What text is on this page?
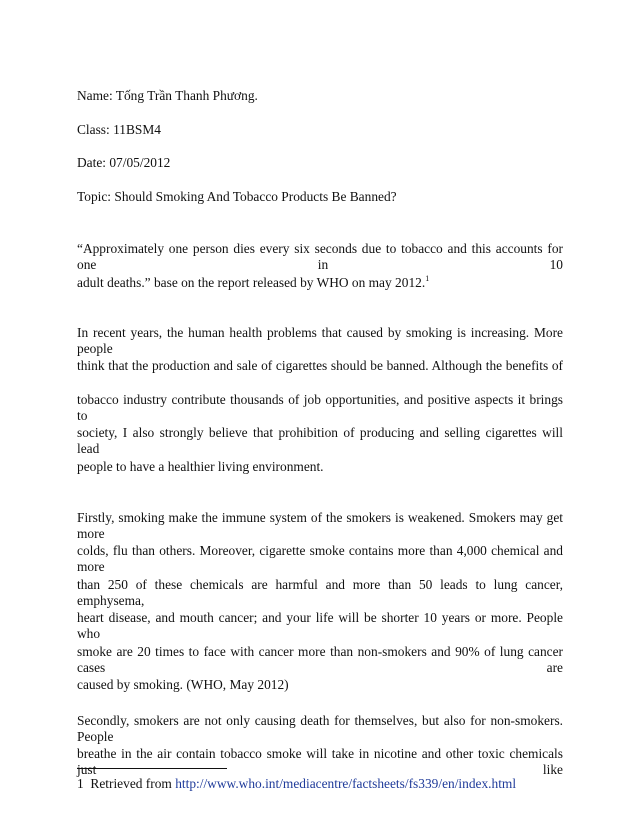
Name: Tống Trần Thanh Phương.
Class: 11BSM4
Date: 07/05/2012
Topic: Should Smoking And Tobacco Products Be Banned?
“Approximately one person dies every six seconds due to tobacco and this accounts for one in 10
adult deaths.” base on the report released by WHO on may 2012.$^1$
In recent years, the human health problems that caused by smoking is increasing. More people
think that the production and sale of cigarettes should be banned. Although the benefits of
tobacco industry contribute thousands of job opportunities, and positive aspects it brings to
society, I also strongly believe that prohibition of producing and selling cigarettes will lead
people to have a healthier living environment.
Firstly, smoking make the immune system of the smokers is weakened. Smokers may get more
colds, flu than others. Moreover, cigarette smoke contains more than 4,000 chemical and more
than 250 of these chemicals are harmful and more than 50 leads to lung cancer, emphysema,
heart disease, and mouth cancer; and your life will be shorter 10 years or more. People who
smoke are 20 times to face with cancer more than non-smokers and 90% of lung cancer cases are
caused by smoking. (WHO, May 2012)
Secondly, smokers are not only causing death for themselves, but also for non-smokers. People
breathe in the air contain tobacco smoke will take in nicotine and other toxic chemicals just like
1 Retrieved from http://www.who.int/mediacentre/factsheets/fs339/en/index.html
